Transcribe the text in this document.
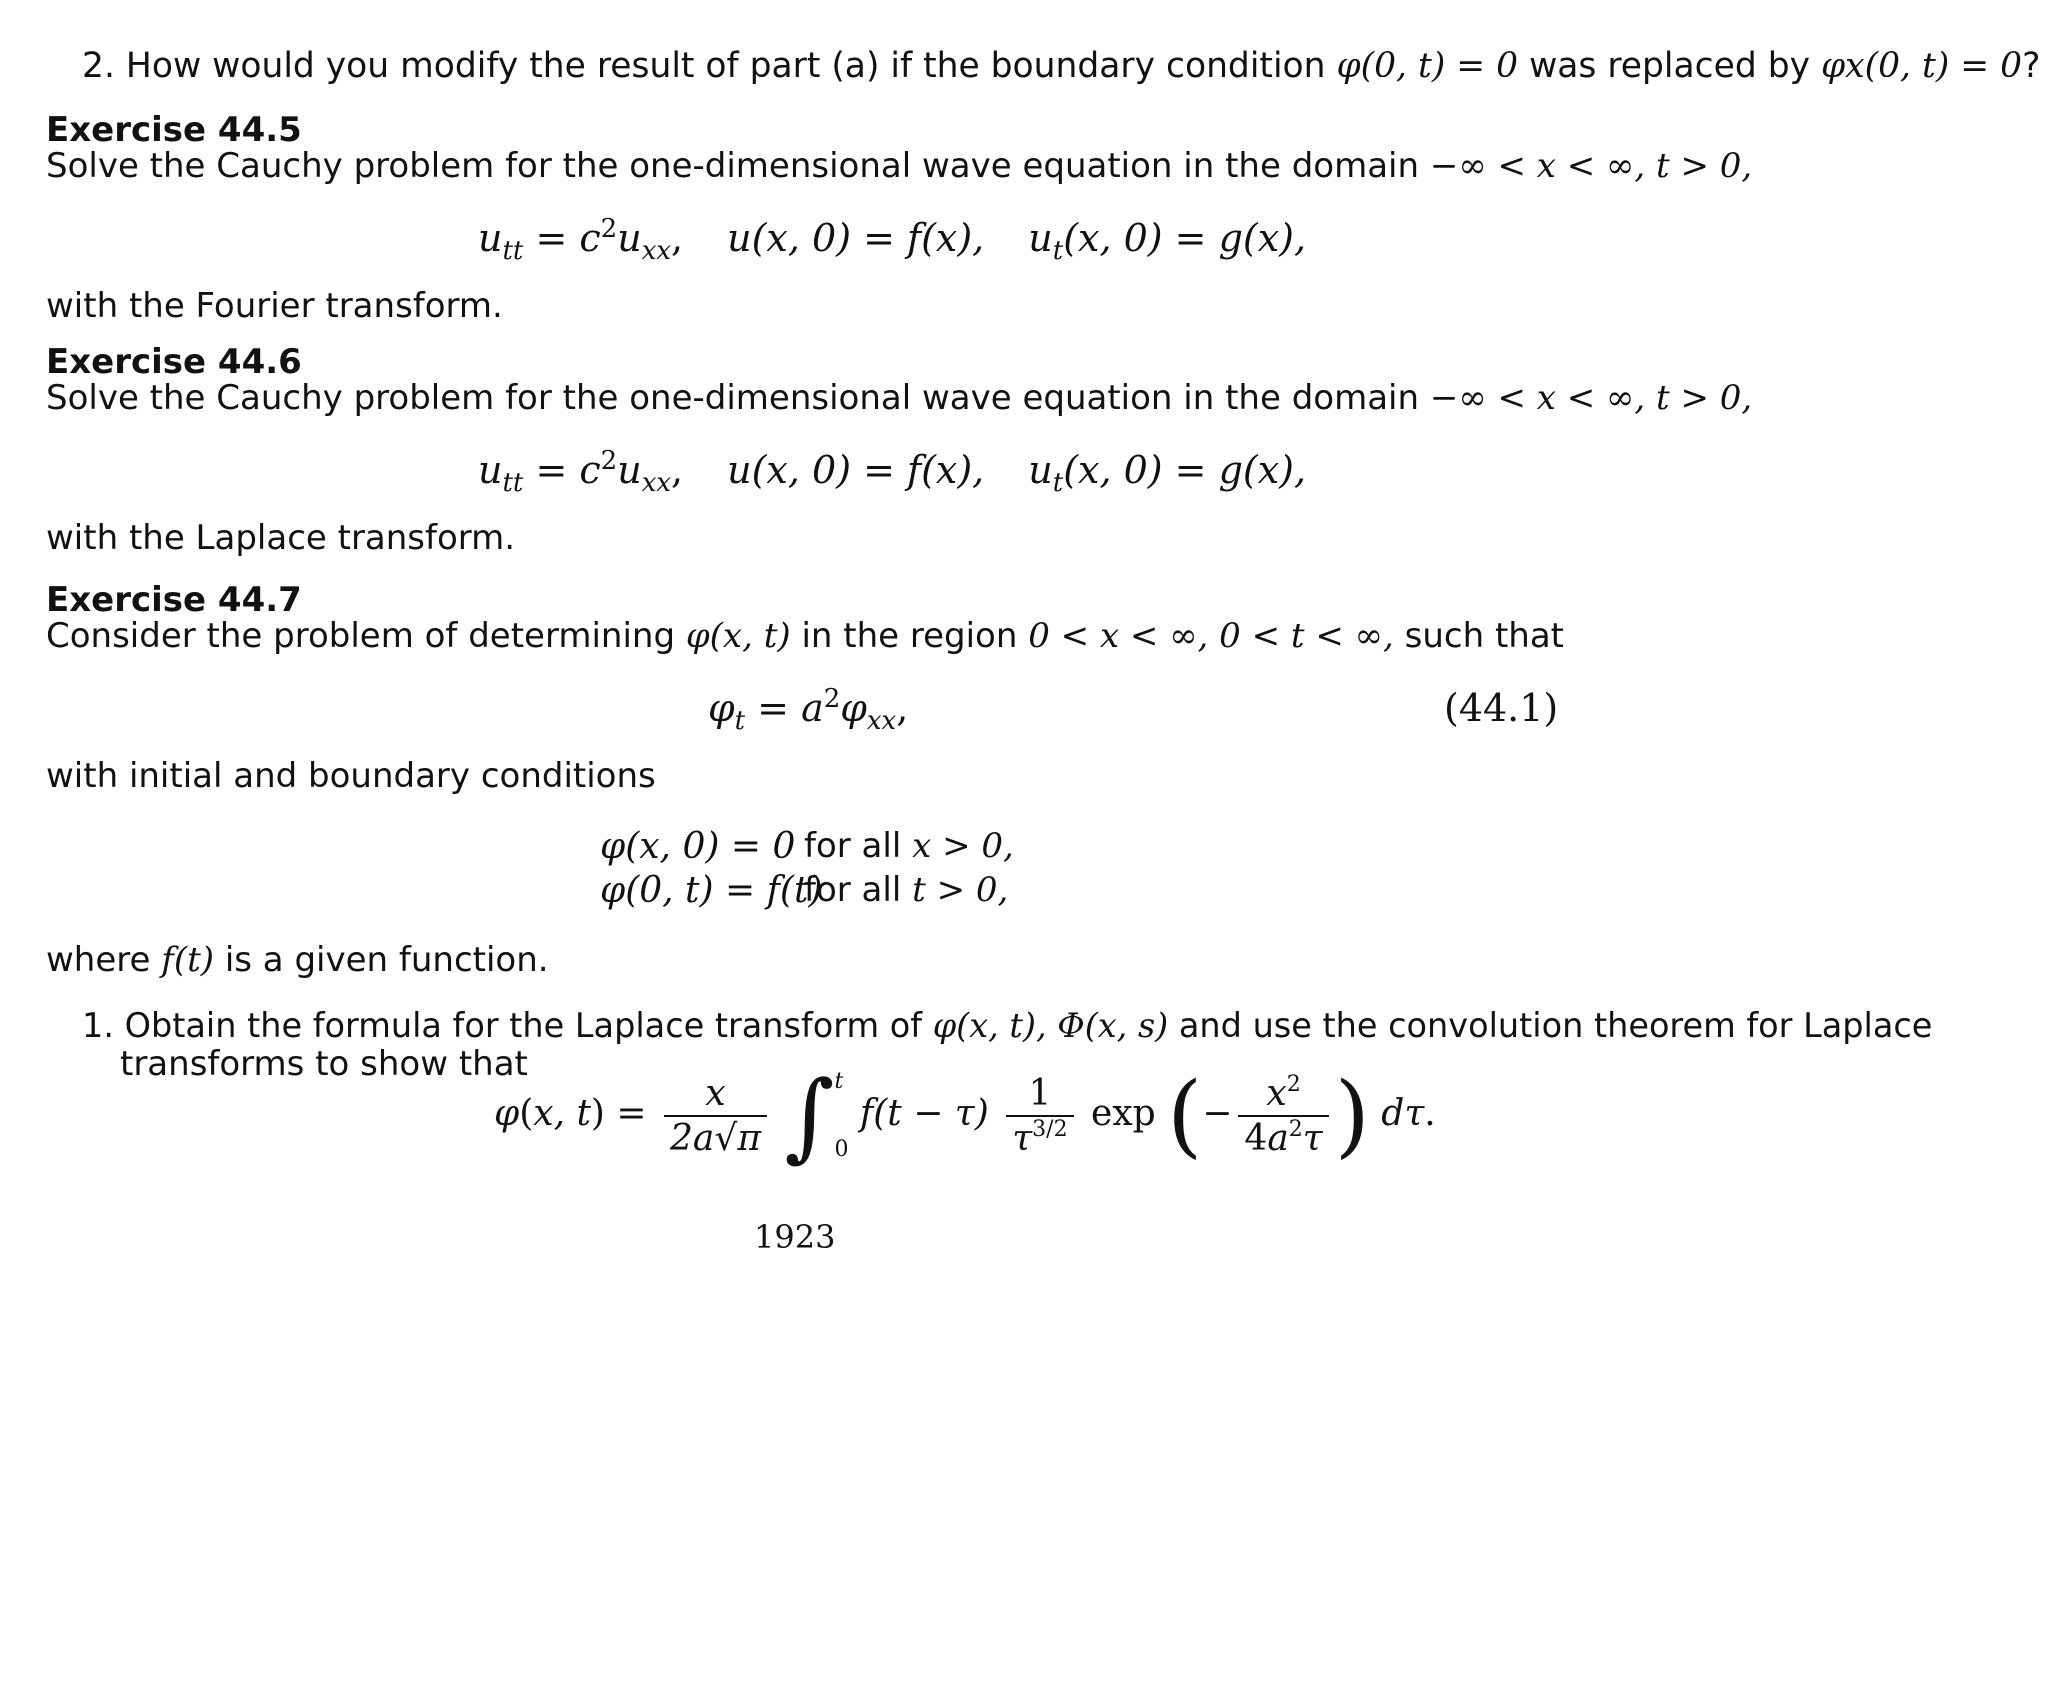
2. How would you modify the result of part (a) if the boundary condition φ(0, t) = 0 was replaced by φx(0, t) = 0?
Exercise 44.5
Solve the Cauchy problem for the one-dimensional wave equation in the domain −∞ < x < ∞, t > 0,
$u_{tt} = c^2u_{xx}$, u(x, 0) = f(x), $u_t(x$, 0) = g(x),
with the Fourier transform.
Exercise 44.6
Solve the Cauchy problem for the one-dimensional wave equation in the domain −∞ < x < ∞, t > 0,
$u_{tt} = c^2u_{xx}$, u(x, 0) = f(x), $u_t(x$, 0) = g(x),
with the Laplace transform.
Exercise 44.7
Consider the problem of determining φ(x, t) in the region 0 < x < ∞, 0 < t < ∞, such that
$\varphi_t = a^2\varphi_{xx}$,	(44.1)
with initial and boundary conditions
φ(x, 0) = 0 for all x > 0,
φ(0, t) = f(t)
for all t > 0,
where f(t) is a given function.
1. Obtain the formula for the Laplace transform of φ(x, t), Φ(x, s) and use the convolution theorem for Laplace
transforms to show that
φ(x, $t) = \frac{x}{2a√\pi}$ ∫ t
0
$f(t - \tau) \frac{1}{\tau^{3/2}}$ exp (− $\frac{x^2}{4a^2\tau}$ ) dτ.
1923
